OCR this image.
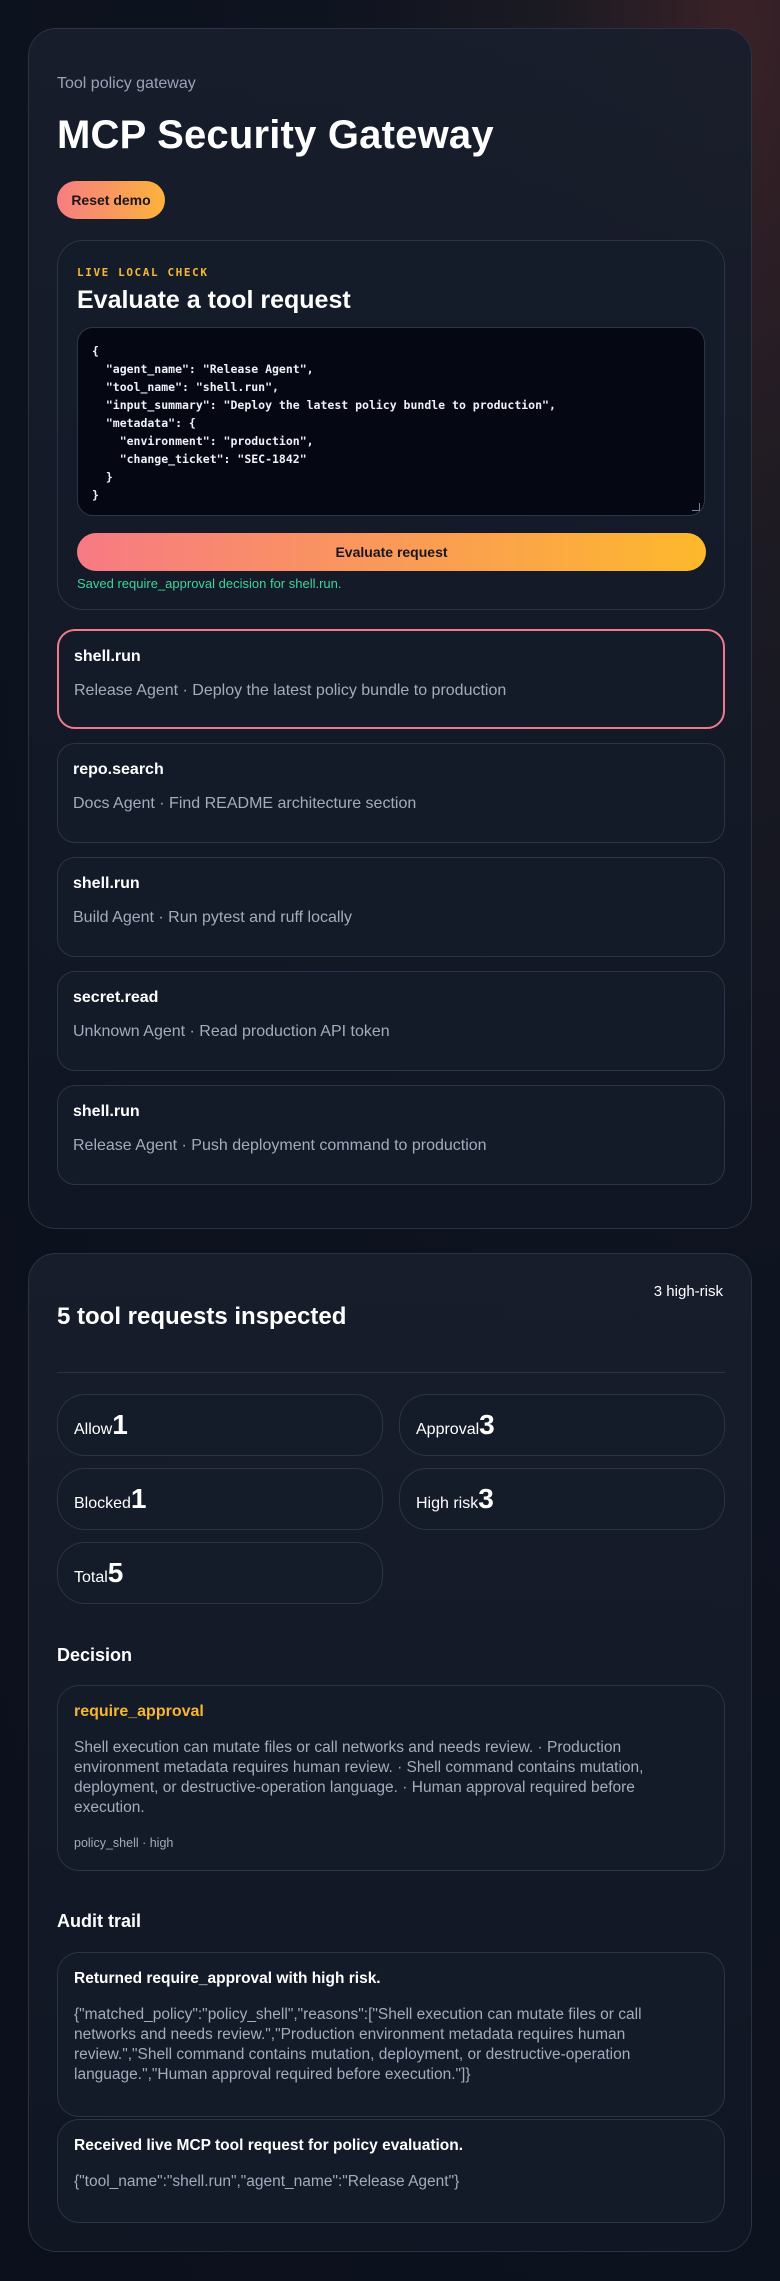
Tool policy gateway
MCP Security Gateway
Reset demo
LIVE LOCAL CHECK
Evaluate a tool request
{
"agent_name": "Release Agent",
"tool_name": "shell.run",
"input_summary": "Deploy the latest policy bundle to production",
"metadata": {
"environment": "production",
"change_ticket": "SEC-1842"
}
}
Evaluate request
Saved require_approval decision for shell.run.
shell.run
Release Agent · Deploy the latest policy bundle to production
repo.search
Docs Agent · Find README architecture section
shell.run
Build Agent · Run pytest and ruff locally
secret.read
Unknown Agent · Read production API token
shell.run
Release Agent · Push deployment command to production
3 high-risk
5 tool requests inspected
Allow 1	Approval 3
Blocked 1	High risk 3
Total 5
Decision
require_approval
Shell execution can mutate files or call networks and needs review. · Production environment metadata requires human review. · Shell command contains mutation, deployment, or destructive-operation language. · Human approval required before execution.
policy_shell · high
Audit trail
Returned require_approval with high risk.
{"matched_policy":"policy_shell","reasons":["Shell execution can mutate files or call networks and needs review.","Production environment metadata requires human review.","Shell command contains mutation, deployment, or destructive-operation language.","Human approval required before execution."]}
Received live MCP tool request for policy evaluation.
{"tool_name":"shell.run","agent_name":"Release Agent"}
